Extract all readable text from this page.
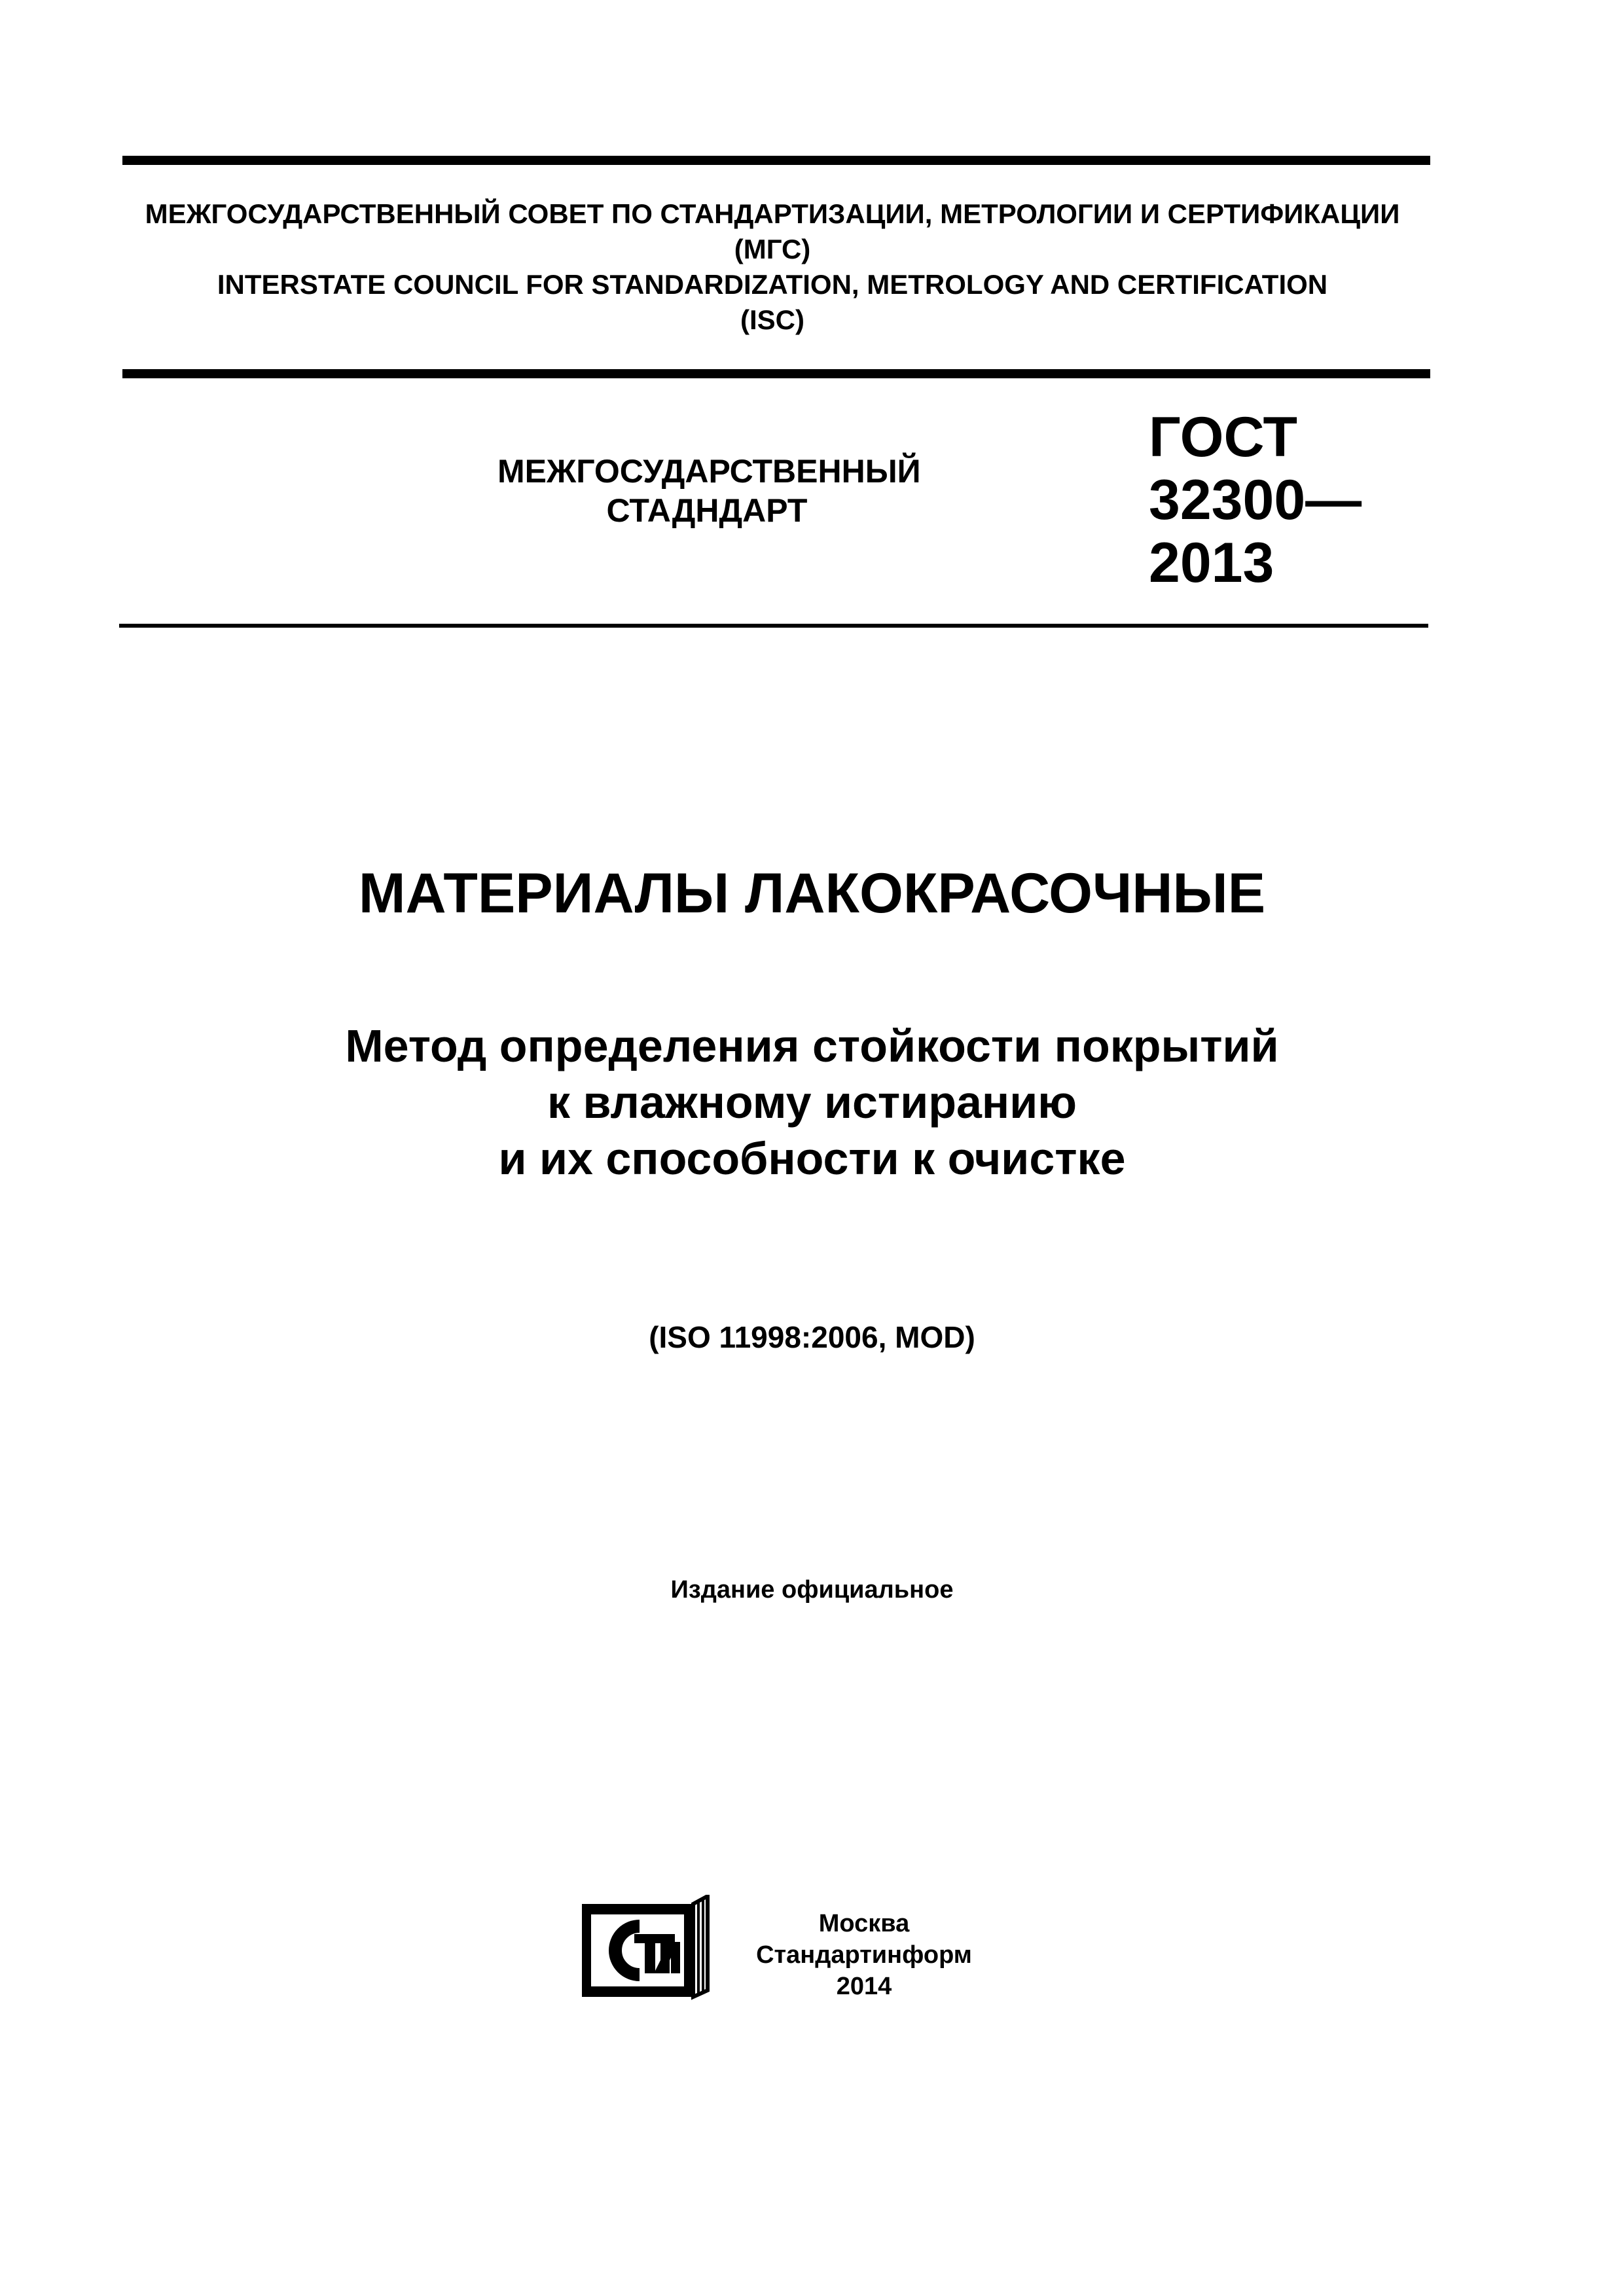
МЕЖГОСУДАРСТВЕННЫЙ СОВЕТ ПО СТАНДАРТИЗАЦИИ, МЕТРОЛОГИИ И СЕРТИФИКАЦИИ
(МГС)
INTERSTATE COUNCIL FOR STANDARDIZATION, METROLOGY AND CERTIFICATION
(ISC)
МЕЖГОСУДАРСТВЕННЫЙ
СТАДНДАРТ
ГОСТ
32300—
2013
МАТЕРИАЛЫ ЛАКОКРАСОЧНЫЕ
Метод определения стойкости покрытий
к влажному истиранию
и их способности к очистке
(ISO 11998:2006, MOD)
Издание официальное
Москва
Стандартинформ
2014
